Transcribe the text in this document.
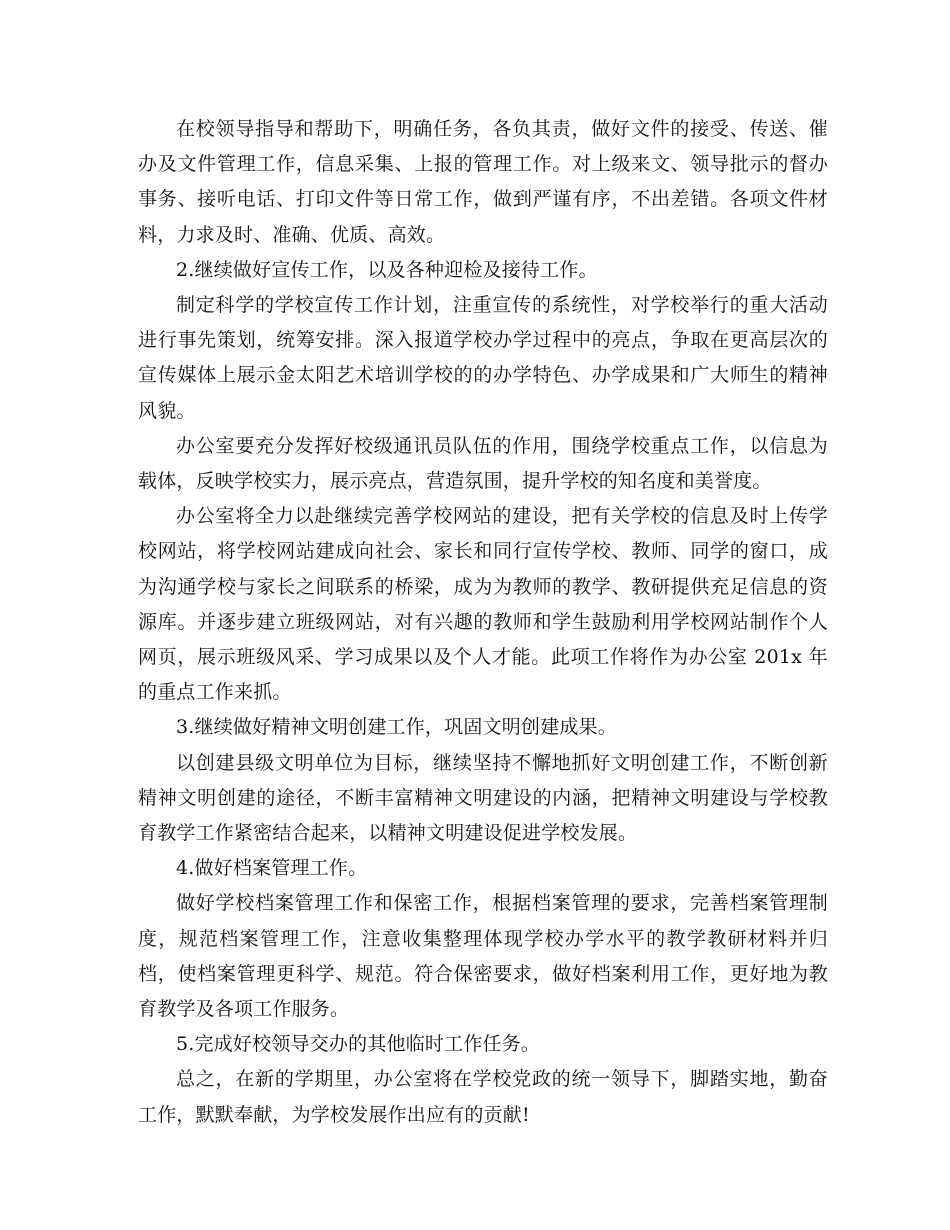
在校领导指导和帮助下，明确任务，各负其责，做好文件的接受、传送、催办及文件管理工作，信息采集、上报的管理工作。对上级来文、领导批示的督办事务、接听电话、打印文件等日常工作，做到严谨有序，不出差错。各项文件材料，力求及时、准确、优质、高效。

2.继续做好宣传工作，以及各种迎检及接待工作。

制定科学的学校宣传工作计划，注重宣传的系统性，对学校举行的重大活动进行事先策划，统筹安排。深入报道学校办学过程中的亮点，争取在更高层次的宣传媒体上展示金太阳艺术培训学校的的办学特色、办学成果和广大师生的精神风貌。

办公室要充分发挥好校级通讯员队伍的作用，围绕学校重点工作，以信息为载体，反映学校实力，展示亮点，营造氛围，提升学校的知名度和美誉度。

办公室将全力以赴继续完善学校网站的建设，把有关学校的信息及时上传学校网站，将学校网站建成向社会、家长和同行宣传学校、教师、同学的窗口，成为沟通学校与家长之间联系的桥梁，成为为教师的教学、教研提供充足信息的资源库。并逐步建立班级网站，对有兴趣的教师和学生鼓励利用学校网站制作个人网页，展示班级风采、学习成果以及个人才能。此项工作将作为办公室 201x 年的重点工作来抓。

3.继续做好精神文明创建工作，巩固文明创建成果。

以创建县级文明单位为目标，继续坚持不懈地抓好文明创建工作，不断创新精神文明创建的途径，不断丰富精神文明建设的内涵，把精神文明建设与学校教育教学工作紧密结合起来，以精神文明建设促进学校发展。

4.做好档案管理工作。

做好学校档案管理工作和保密工作，根据档案管理的要求，完善档案管理制度，规范档案管理工作，注意收集整理体现学校办学水平的教学教研材料并归档，使档案管理更科学、规范。符合保密要求，做好档案利用工作，更好地为教育教学及各项工作服务。

5.完成好校领导交办的其他临时工作任务。

总之，在新的学期里，办公室将在学校党政的统一领导下，脚踏实地，勤奋工作，默默奉献，为学校发展作出应有的贡献!
